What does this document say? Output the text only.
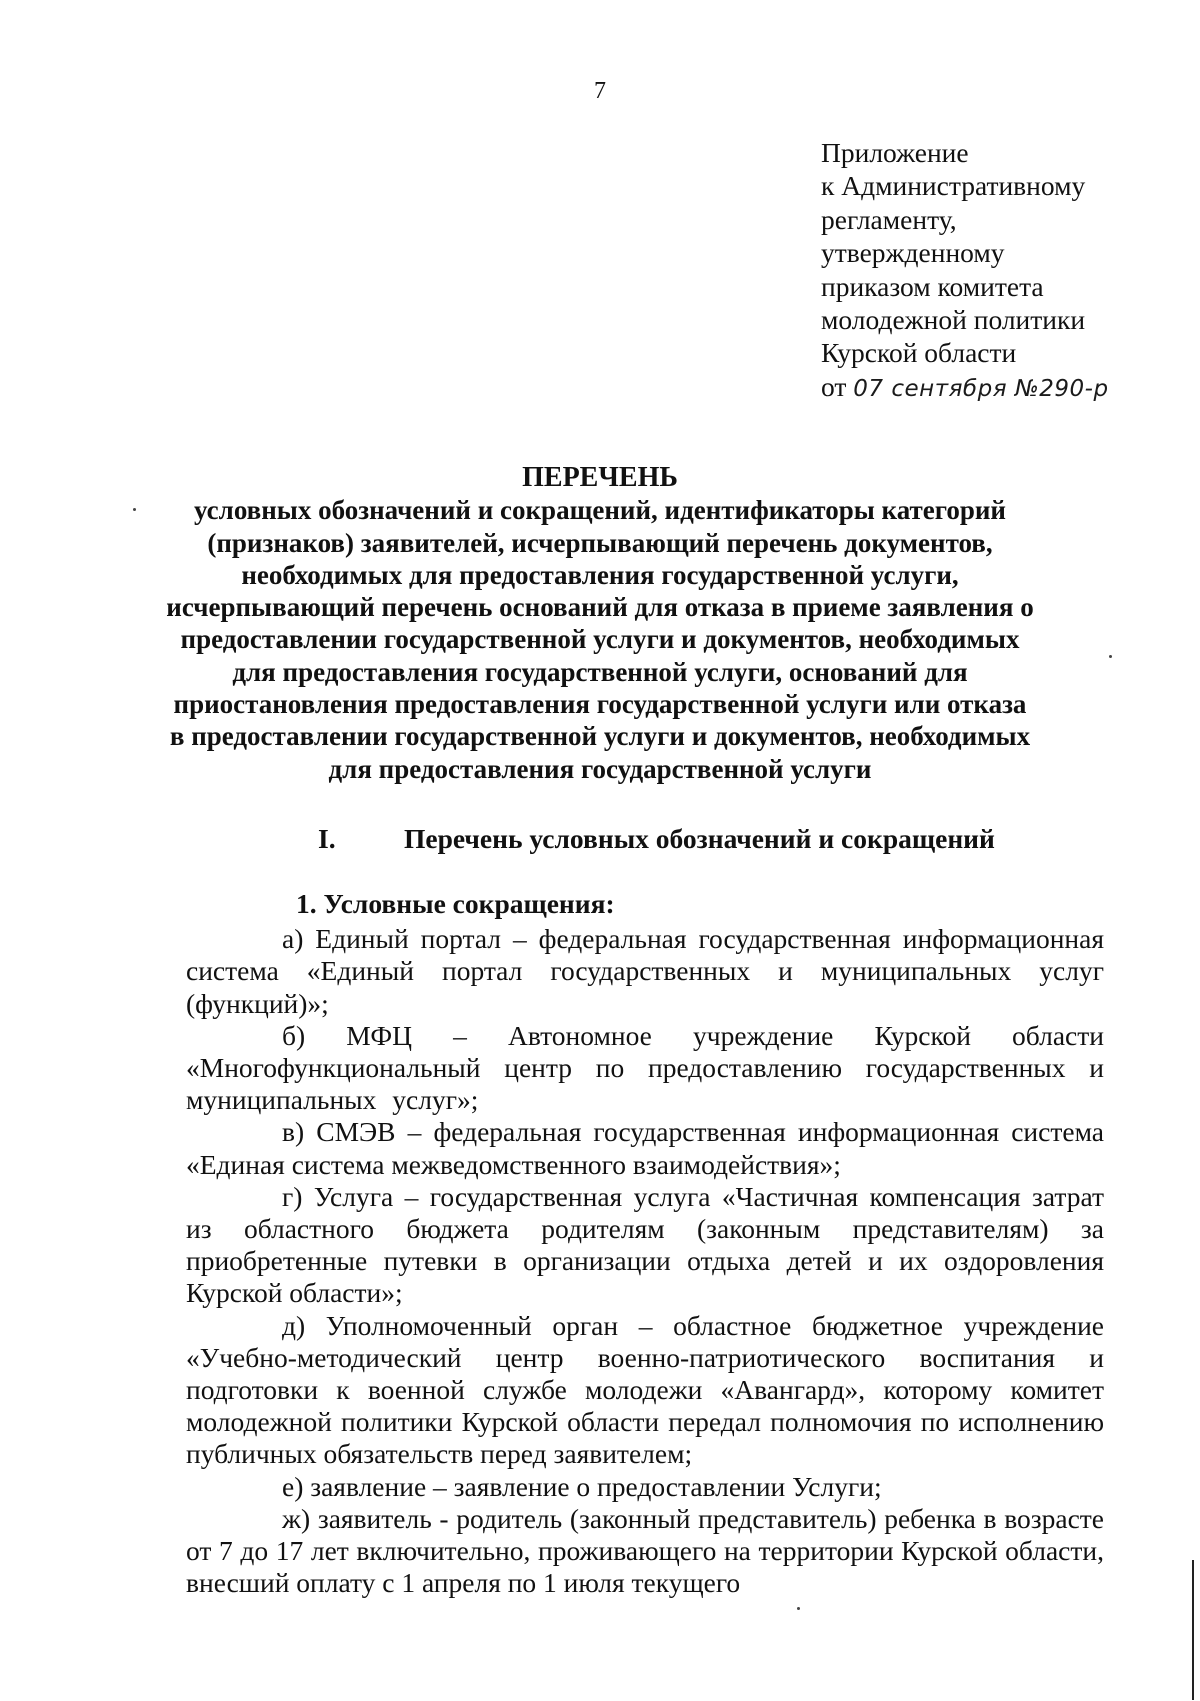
7
Приложение
к Административному
регламенту,
утвержденному
приказом комитета
молодежной политики
Курской области
от 07 сентября №290-р
ПЕРЕЧЕНЬ
условных обозначений и сокращений, идентификаторы категорий
(признаков) заявителей, исчерпывающий перечень документов,
необходимых для предоставления государственной услуги,
исчерпывающий перечень оснований для отказа в приеме заявления о
предоставлении государственной услуги и документов, необходимых
для предоставления государственной услуги, оснований для
приостановления предоставления государственной услуги или отказа
в предоставлении государственной услуги и документов, необходимых
для предоставления государственной услуги
I. Перечень условных обозначений и сокращений
1. Условные сокращения:
а) Единый портал – федеральная государственная информационная система «Единый портал государственных и муниципальных услуг (функций)»;
б) МФЦ – Автономное учреждение Курской области «Многофункциональный центр по предоставлению государственных и муниципальных услуг»;
в) СМЭВ – федеральная государственная информационная система «Единая система межведомственного взаимодействия»;
г) Услуга – государственная услуга «Частичная компенсация затрат из областного бюджета родителям (законным представителям) за приобретенные путевки в организации отдыха детей и их оздоровления Курской области»;
д) Уполномоченный орган – областное бюджетное учреждение «Учебно-методический центр военно-патриотического воспитания и подготовки к военной службе молодежи «Авангард», которому комитет молодежной политики Курской области передал полномочия по исполнению публичных обязательств перед заявителем;
е) заявление – заявление о предоставлении Услуги;
ж) заявитель - родитель (законный представитель) ребенка в возрасте от 7 до 17 лет включительно, проживающего на территории Курской области, внесший оплату с 1 апреля по 1 июля текущего
